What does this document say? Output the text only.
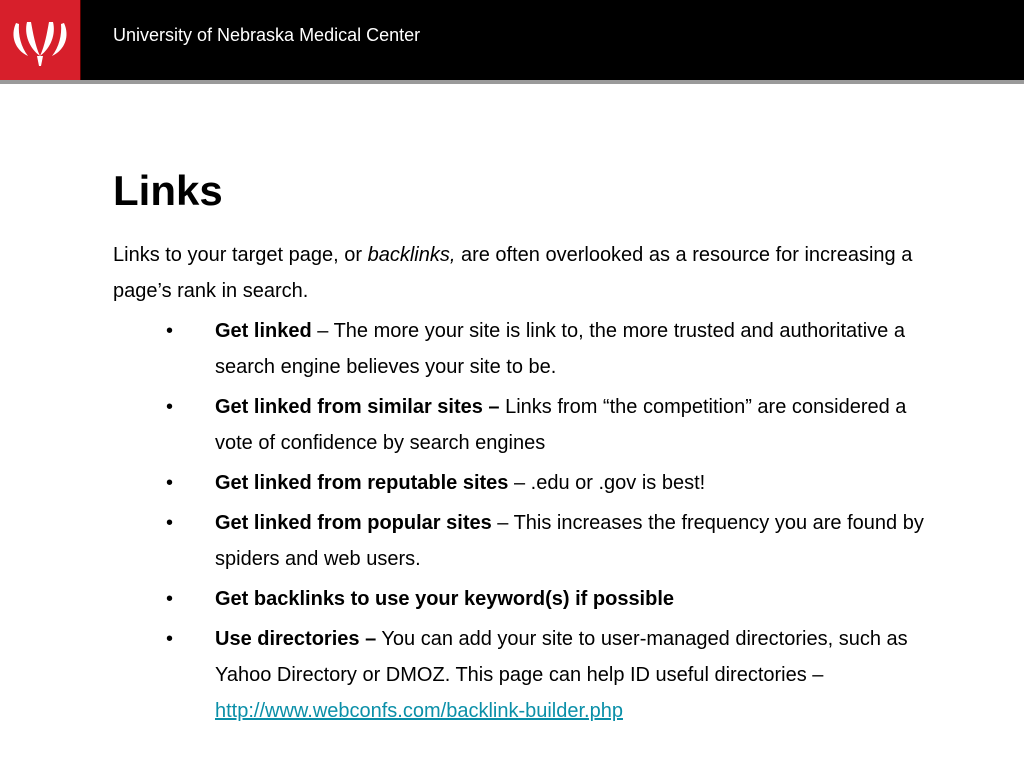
University of Nebraska Medical Center
Links

Links to your target page, or backlinks, are often overlooked as a resource for increasing a page’s rank in search.

• Get linked – The more your site is link to, the more trusted and authoritative a search engine believes your site to be.
• Get linked from similar sites – Links from “the competition” are considered a vote of confidence by search engines
• Get linked from reputable sites – .edu or .gov is best!
• Get linked from popular sites – This increases the frequency you are found by spiders and web users.
• Get backlinks to use your keyword(s) if possible
• Use directories – You can add your site to user-managed directories, such as Yahoo Directory or DMOZ. This page can help ID useful directories – http://www.webconfs.com/backlink-builder.php
